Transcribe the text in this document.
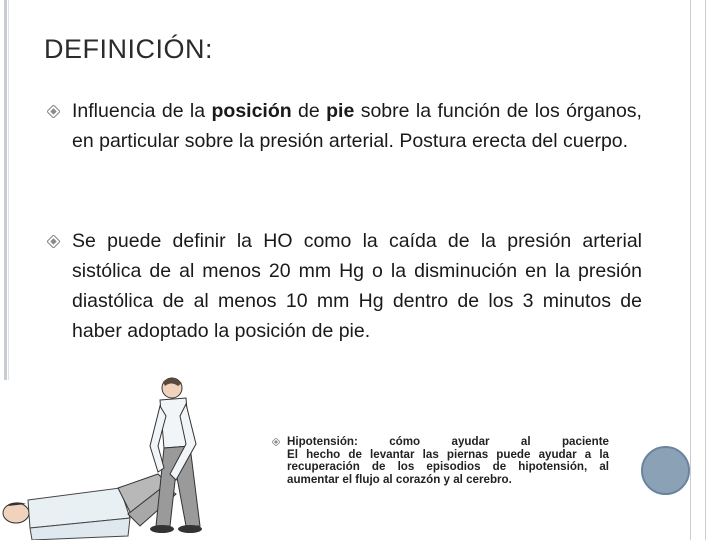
DEFINICIÓN:
Influencia de la posición de pie sobre la función de los órganos, en particular sobre la presión arterial. Postura erecta del cuerpo.
Se puede definir la HO como la caída de la presión arterial sistólica de al menos 20 mm Hg o la disminución en la presión diastólica de al menos 10 mm Hg dentro de los 3 minutos de haber adoptado la posición de pie.
Hipotensión: cómo ayudar al paciente
El hecho de levantar las piernas puede ayudar a la recuperación de los episodios de hipotensión, al aumentar el flujo al corazón y al cerebro.
